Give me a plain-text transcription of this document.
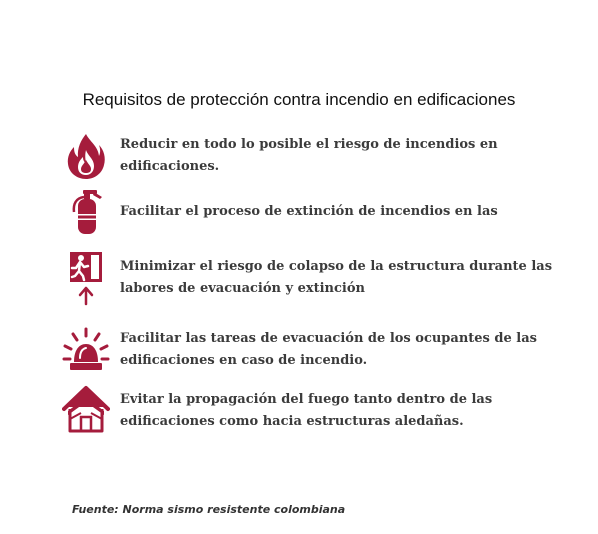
Requisitos de protección contra incendio en edificaciones
Reducir en todo lo posible el riesgo de incendios en edificaciones.
Facilitar el proceso de extinción de incendios en las
Minimizar el riesgo de colapso de la estructura durante las
labores de evacuación y extinción
Facilitar las tareas de evacuación de los ocupantes de las
edificaciones en caso de incendio.
Evitar la propagación del fuego tanto dentro de las
edificaciones como hacia estructuras aledañas.
Fuente: Norma sismo resistente colombiana
